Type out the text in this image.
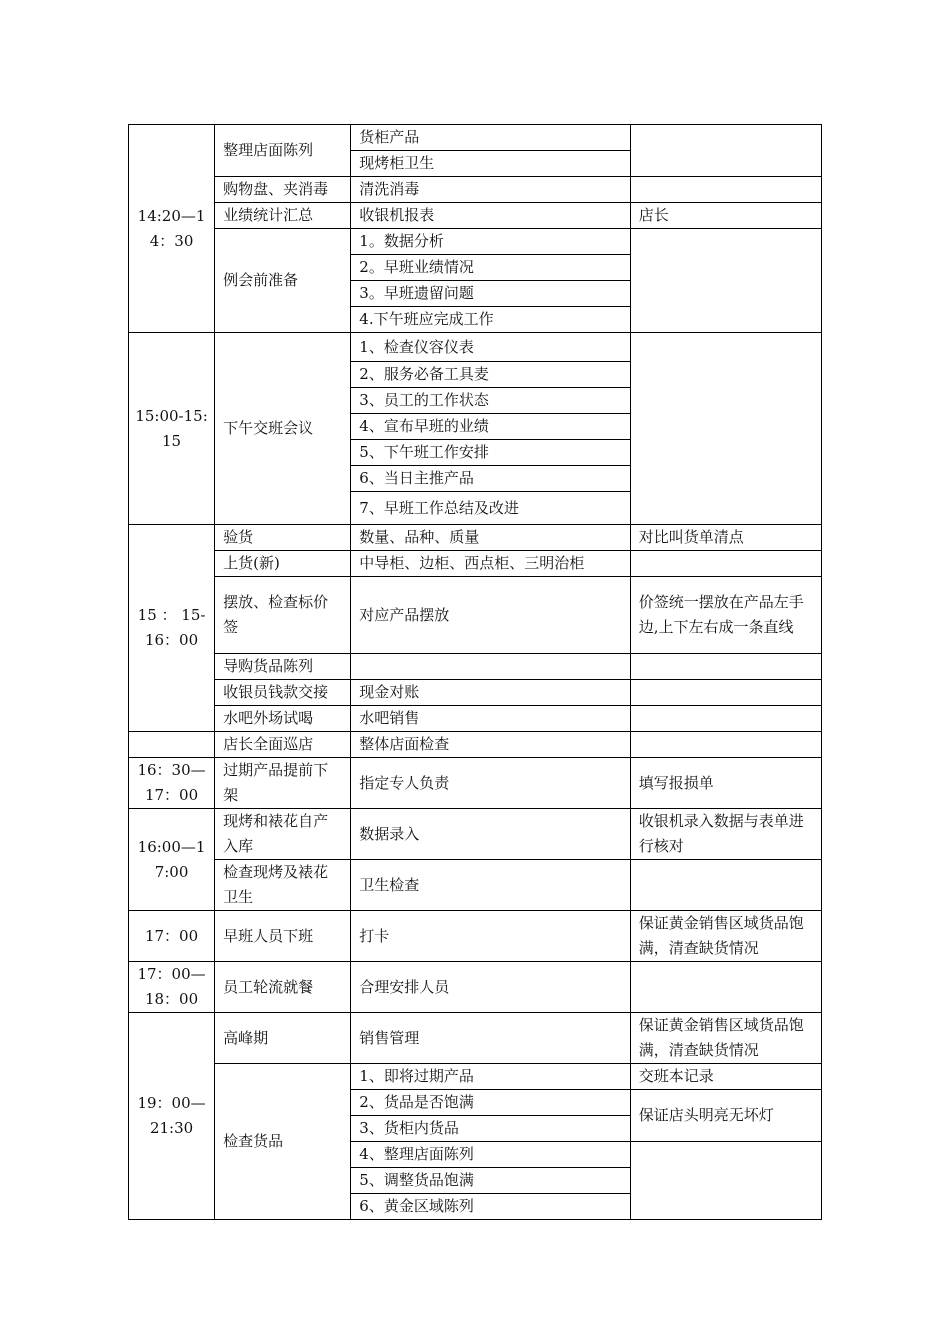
14:20—14：30	整理店面陈列	货柜产品	
		现烤柜卫生	
	购物盘、夹消毒	清洗消毒	
	业绩统计汇总	收银机报表	店长
	例会前准备	1。数据分析	
		2。早班业绩情况	
		3。早班遗留问题	
		4.下午班应完成工作	
15:00-15:15	下午交班会议	1、检查仪容仪表	
		2、服务必备工具麦	
		3、员工的工作状态	
		4、宣布早班的业绩	
		5、下午班工作安排	
		6、当日主推产品	
		7、早班工作总结及改进	
15 ： 15-16：00	验货	数量、品种、质量	对比叫货单清点
	上货(新)	中导柜、边柜、西点柜、三明治柜	
	摆放、检查标价签	对应产品摆放	价签统一摆放在产品左手边,上下左右成一条直线
	导购货品陈列		
	收银员钱款交接	现金对账	
	水吧外场试喝	水吧销售	
	店长全面巡店	整体店面检查	
16：30—17：00	过期产品提前下架	指定专人负责	填写报损单
16:00—17:00	现烤和裱花自产入库	数据录入	收银机录入数据与表单进行核对
	检查现烤及裱花卫生	卫生检查	
17：00	早班人员下班	打卡	保证黄金销售区域货品饱满，清查缺货情况
17：00—18：00	员工轮流就餐	合理安排人员	
19：00—21:30	高峰期	销售管理	保证黄金销售区域货品饱满，清查缺货情况
	检查货品	1、即将过期产品	交班本记录
		2、货品是否饱满	保证店头明亮无坏灯
		3、货柜内货品	
		4、整理店面陈列	
		5、调整货品饱满	
		6、黄金区域陈列	
